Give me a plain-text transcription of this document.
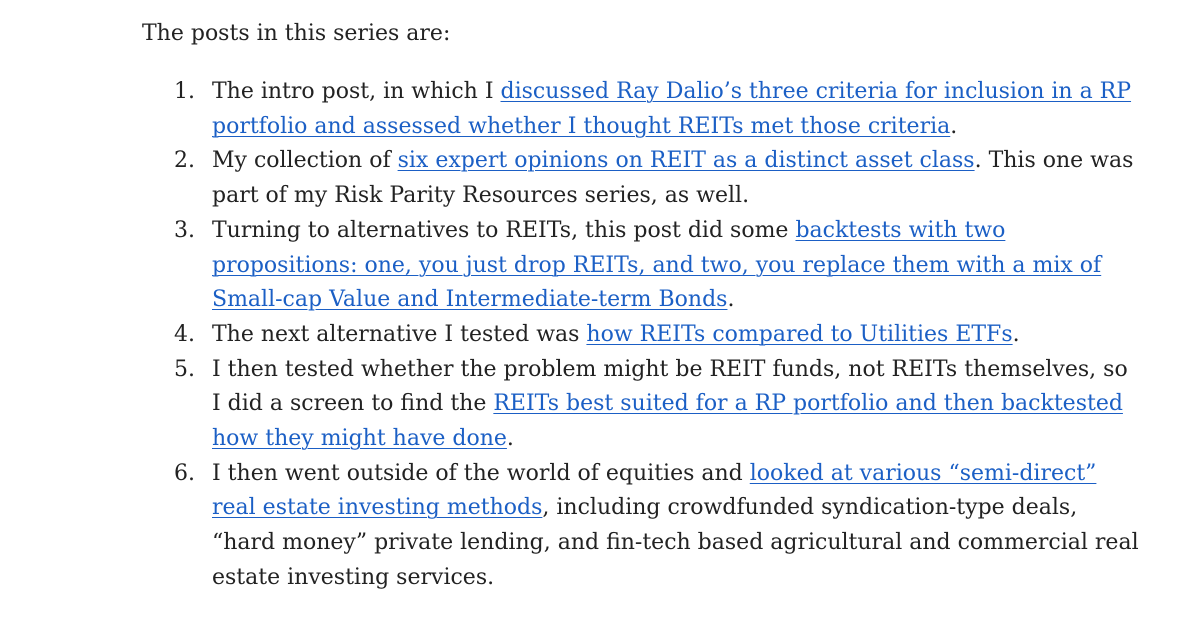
The posts in this series are:

1. The intro post, in which I discussed Ray Dalio’s three criteria for inclusion in a RP portfolio and assessed whether I thought REITs met those criteria.
2. My collection of six expert opinions on REIT as a distinct asset class. This one was part of my Risk Parity Resources series, as well.
3. Turning to alternatives to REITs, this post did some backtests with two propositions: one, you just drop REITs, and two, you replace them with a mix of Small-cap Value and Intermediate-term Bonds.
4. The next alternative I tested was how REITs compared to Utilities ETFs.
5. I then tested whether the problem might be REIT funds, not REITs themselves, so I did a screen to find the REITs best suited for a RP portfolio and then backtested how they might have done.
6. I then went outside of the world of equities and looked at various “semi-direct” real estate investing methods, including crowdfunded syndication-type deals, “hard money” private lending, and fin-tech based agricultural and commercial real estate investing services.
